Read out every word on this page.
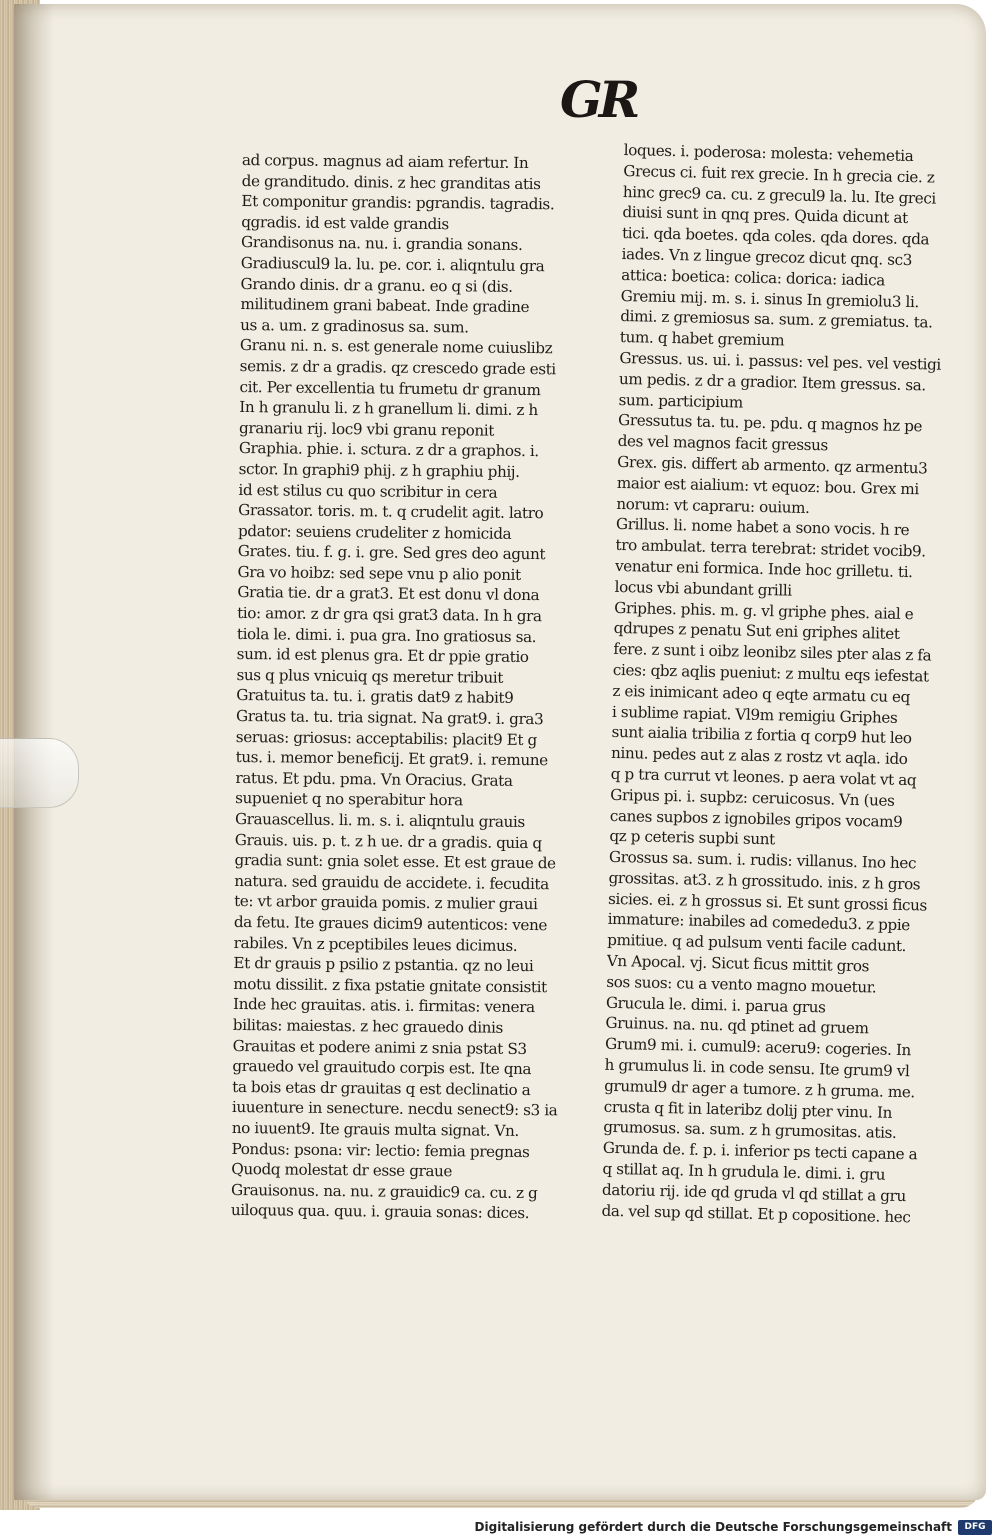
GR
ad corpus. magnus ad aiam refertur. In
de granditudo. dinis. z hec granditas atis
Et componitur grandis: pgrandis. tagradis.
qgradis. id est valde grandis
Grandisonus na. nu. i. grandia sonans.
Gradiuscul9 la. lu. pe. cor. i. aliqntulu gra
Grando dinis. dr a granu. eo q si (dis.
militudinem grani babeat. Inde gradine
us a. um. z gradinosus sa. sum.
Granu ni. n. s. est generale nome cuiuslibz
semis. z dr a gradis. qz crescedo grade esti
cit. Per excellentia tu frumetu dr granum
In h granulu li. z h granellum li. dimi. z h
granariu rij. loc9 vbi granu reponit
Graphia. phie. i. sctura. z dr a graphos. i.
sctor. In graphi9 phij. z h graphiu phij.
id est stilus cu quo scribitur in cera
Grassator. toris. m. t. q crudelit agit. latro
pdator: seuiens crudeliter z homicida
Grates. tiu. f. g. i. gre. Sed gres deo agunt
Gra vo hoibz: sed sepe vnu p alio ponit
Gratia tie. dr a grat3. Et est donu vl dona
tio: amor. z dr gra qsi grat3 data. In h gra
tiola le. dimi. i. pua gra. Ino gratiosus sa.
sum. id est plenus gra. Et dr ppie gratio
sus q plus vnicuiq qs meretur tribuit
Gratuitus ta. tu. i. gratis dat9 z habit9
Gratus ta. tu. tria signat. Na grat9. i. gra3
seruas: griosus: acceptabilis: placit9 Et g
tus. i. memor beneficij. Et grat9. i. remune
ratus. Et pdu. pma. Vn Oracius. Grata
supueniet q no sperabitur hora
Grauascellus. li. m. s. i. aliqntulu grauis
Grauis. uis. p. t. z h ue. dr a gradis. quia q
gradia sunt: gnia solet esse. Et est graue de
natura. sed grauidu de accidete. i. fecudita
te: vt arbor grauida pomis. z mulier graui
da fetu. Ite graues dicim9 autenticos: vene
rabiles. Vn z pceptibiles leues dicimus.
Et dr grauis p psilio z pstantia. qz no leui
motu dissilit. z fixa pstatie gnitate consistit
Inde hec grauitas. atis. i. firmitas: venera
bilitas: maiestas. z hec grauedo dinis
Grauitas et podere animi z snia pstat S3
grauedo vel grauitudo corpis est. Ite qna
ta bois etas dr grauitas q est declinatio a
iuuenture in senecture. necdu senect9: s3 ia
no iuuent9. Ite grauis multa signat. Vn.
Pondus: psona: vir: lectio: femia pregnas
Quodq molestat dr esse graue
Grauisonus. na. nu. z grauidic9 ca. cu. z g
uiloquus qua. quu. i. grauia sonas: dices.
loques. i. poderosa: molesta: vehemetia
Grecus ci. fuit rex grecie. In h grecia cie. z
hinc grec9 ca. cu. z grecul9 la. lu. Ite greci
diuisi sunt in qnq pres. Quida dicunt at
tici. qda boetes. qda coles. qda dores. qda
iades. Vn z lingue grecoz dicut qnq. sc3
attica: boetica: colica: dorica: iadica
Gremiu mij. m. s. i. sinus In gremiolu3 li.
dimi. z gremiosus sa. sum. z gremiatus. ta.
tum. q habet gremium
Gressus. us. ui. i. passus: vel pes. vel vestigi
um pedis. z dr a gradior. Item gressus. sa.
sum. participium
Gressutus ta. tu. pe. pdu. q magnos hz pe
des vel magnos facit gressus
Grex. gis. differt ab armento. qz armentu3
maior est aialium: vt equoz: bou. Grex mi
norum: vt capraru: ouium.
Grillus. li. nome habet a sono vocis. h re
tro ambulat. terra terebrat: stridet vocib9.
venatur eni formica. Inde hoc grilletu. ti.
locus vbi abundant grilli
Griphes. phis. m. g. vl griphe phes. aial e
qdrupes z penatu Sut eni griphes alitet
fere. z sunt i oibz leonibz siles pter alas z fa
cies: qbz aqlis pueniut: z multu eqs iefestat
z eis inimicant adeo q eqte armatu cu eq
i sublime rapiat. Vl9m remigiu Griphes
sunt aialia tribilia z fortia q corp9 hut leo
ninu. pedes aut z alas z rostz vt aqla. ido
q p tra currut vt leones. p aera volat vt aq
Gripus pi. i. supbz: ceruicosus. Vn (ues
canes supbos z ignobiles gripos vocam9
qz p ceteris supbi sunt
Grossus sa. sum. i. rudis: villanus. Ino hec
grossitas. at3. z h grossitudo. inis. z h gros
sicies. ei. z h grossus si. Et sunt grossi ficus
immature: inabiles ad comededu3. z ppie
pmitiue. q ad pulsum venti facile cadunt.
Vn Apocal. vj. Sicut ficus mittit gros
sos suos: cu a vento magno mouetur.
Grucula le. dimi. i. parua grus
Gruinus. na. nu. qd ptinet ad gruem
Grum9 mi. i. cumul9: aceru9: cogeries. In
h grumulus li. in code sensu. Ite grum9 vl
grumul9 dr ager a tumore. z h gruma. me.
crusta q fit in lateribz dolij pter vinu. In
grumosus. sa. sum. z h grumositas. atis.
Grunda de. f. p. i. inferior ps tecti capane a
q stillat aq. In h grudula le. dimi. i. gru
datoriu rij. ide qd gruda vl qd stillat a gru
da. vel sup qd stillat. Et p copositione. hec
Digitalisierung gefördert durch die Deutsche Forschungsgemeinschaft	DFG
